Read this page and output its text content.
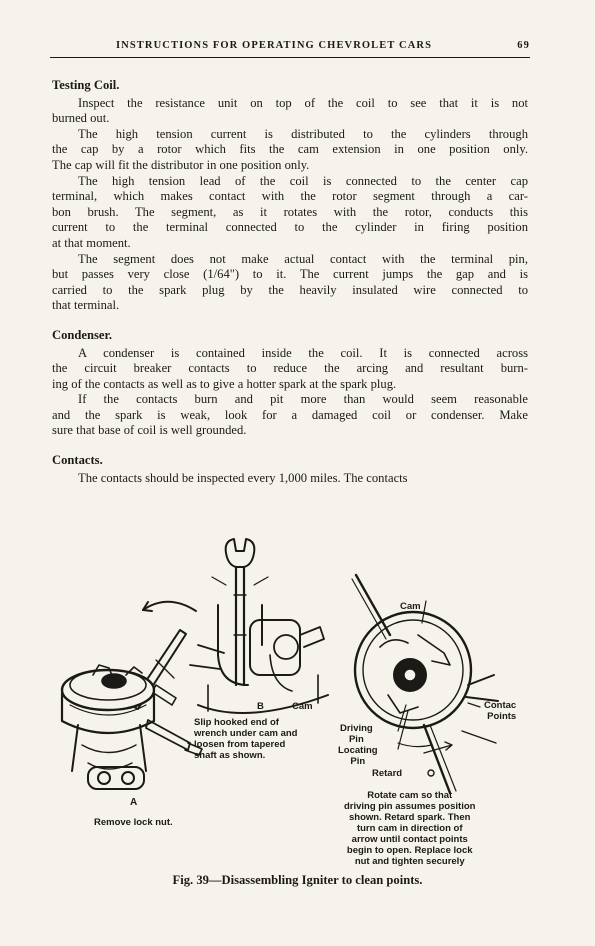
INSTRUCTIONS FOR OPERATING CHEVROLET CARS	69
Testing Coil.
Inspect the resistance unit on top of the coil to see that it is not
burned out.
The high tension current is distributed to the cylinders through
the cap by a rotor which fits the cam extension in one position only.
The cap will fit the distributor in one position only.
The high tension lead of the coil is connected to the center cap
terminal, which makes contact with the rotor segment through a car-
bon brush. The segment, as it rotates with the rotor, conducts this
current to the terminal connected to the cylinder in firing position
at that moment.
The segment does not make actual contact with the terminal pin,
but passes very close (1/64") to it. The current jumps the gap and is
carried to the spark plug by the heavily insulated wire connected to
that terminal.
Condenser.
A condenser is contained inside the coil. It is connected across
the circuit breaker contacts to reduce the arcing and resultant burn-
ing of the contacts as well as to give a hotter spark at the spark plug.
If the contacts burn and pit more than would seem reasonable
and the spark is weak, look for a damaged coil or condenser. Make
sure that base of coil is well grounded.
Contacts.
The contacts should be inspected every 1,000 miles. The contacts
A
Remove lock nut.
B	Cam
Slip hooked end of
wrench under cam and
loosen from tapered
shaft as shown.
Cam
Contac
Points
Driving
Pin
Locating
Pin
Retard
Rotate cam so that
driving pin assumes position
shown. Retard spark. Then
turn cam in direction of
arrow until contact points
begin to open. Replace lock
nut and tighten securely
Fig. 39—Disassembling Igniter to clean points.
